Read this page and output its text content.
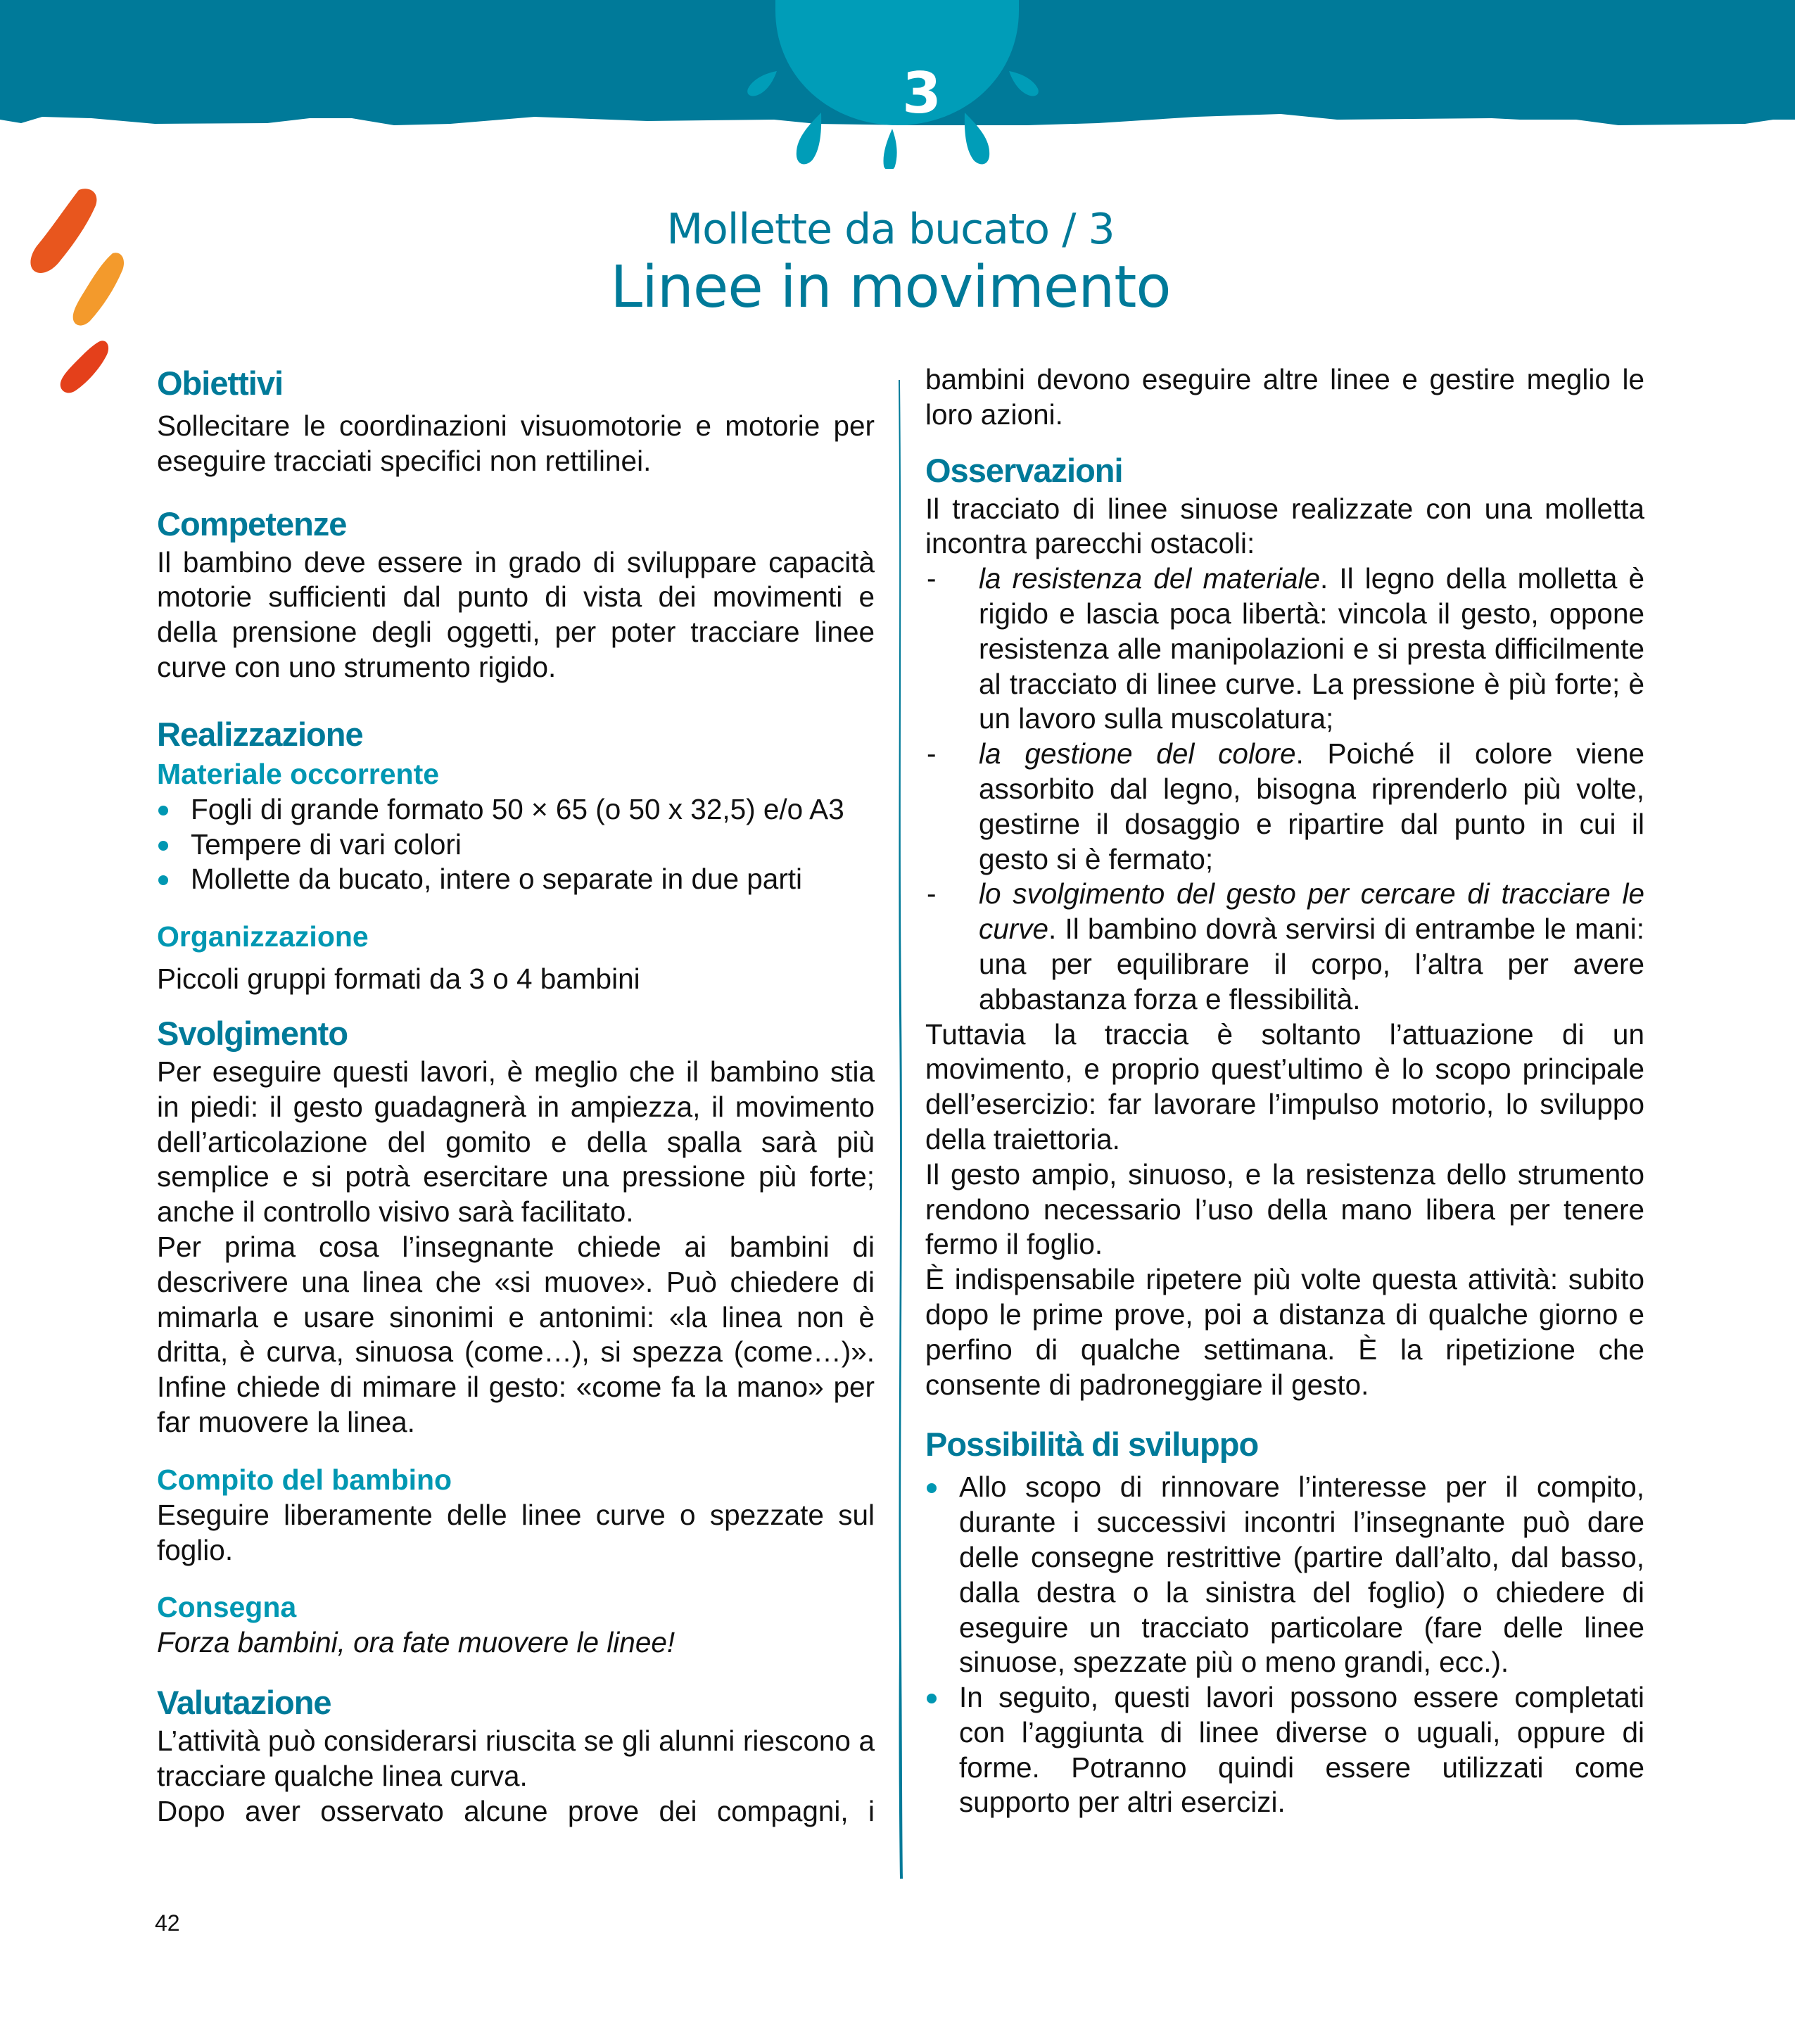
3
Mollette da bucato / 3
Linee in movimento
Obiettivi

Sollecitare le coordinazioni visuomotorie e motorie per eseguire tracciati specifici non rettilinei.

Competenze

Il bambino deve essere in grado di sviluppare capacità motorie sufficienti dal punto di vista dei movimenti e della prensione degli oggetti, per poter tracciare linee curve con uno strumento rigido.

Realizzazione
Materiale occorrente
Fogli di grande formato 50 × 65 (o 50 x 32,5) e/o A3
Tempere di vari colori
Mollette da bucato, intere o separate in due parti
Organizzazione

Piccoli gruppi formati da 3 o 4 bambini

Svolgimento

Per eseguire questi lavori, è meglio che il bambino stia in piedi: il gesto guadagnerà in ampiezza, il movimento dell’articolazione del gomito e della spalla sarà più semplice e si potrà esercitare una pressione più forte; anche il controllo visivo sarà facilitato.

Per prima cosa l’insegnante chiede ai bambini di descrivere una linea che «si muove». Può chiedere di mimarla e usare sinonimi e antonimi: «la linea non è dritta, è curva, sinuosa (come…), si spezza (come…)». Infine chiede di mimare il gesto: «come fa la mano» per far muovere la linea.

Compito del bambino

Eseguire liberamente delle linee curve o spezzate sul foglio.

Consegna

Forza bambini, ora fate muovere le linee!

Valutazione

L’attività può considerarsi riuscita se gli alunni riescono a tracciare qualche linea curva.

Dopo aver osservato alcune prove dei compagni, i

bambini devono eseguire altre linee e gestire meglio le loro azioni.

Osservazioni

Il tracciato di linee sinuose realizzate con una molletta incontra parecchi ostacoli:

- la resistenza del materiale. Il legno della molletta è rigido e lascia poca libertà: vincola il gesto, oppone resistenza alle manipolazioni e si presta difficilmente al tracciato di linee curve. La pressione è più forte; è un lavoro sulla muscolatura;
- la gestione del colore. Poiché il colore viene assorbito dal legno, bisogna riprenderlo più volte, gestirne il dosaggio e ripartire dal punto in cui il gesto si è fermato;
- lo svolgimento del gesto per cercare di tracciare le curve. Il bambino dovrà servirsi di entrambe le mani: una per equilibrare il corpo, l’altra per avere abbastanza forza e flessibilità.

Tuttavia la traccia è soltanto l’attuazione di un movimento, e proprio quest’ultimo è lo scopo principale dell’esercizio: far lavorare l’impulso motorio, lo sviluppo della traiettoria.

Il gesto ampio, sinuoso, e la resistenza dello strumento rendono necessario l’uso della mano libera per tenere fermo il foglio.

È indispensabile ripetere più volte questa attività: subito dopo le prime prove, poi a distanza di qualche giorno e perfino di qualche settimana. È la ripetizione che consente di padroneggiare il gesto.

Possibilità di sviluppo
Allo scopo di rinnovare l’interesse per il compito, durante i successivi incontri l’insegnante può dare delle consegne restrittive (partire dall’alto, dal basso, dalla destra o la sinistra del foglio) o chiedere di eseguire un tracciato particolare (fare delle linee sinuose, spezzate più o meno grandi, ecc.).
In seguito, questi lavori possono essere completati con l’aggiunta di linee diverse o uguali, oppure di forme. Potranno quindi essere utilizzati come supporto per altri esercizi.
42
